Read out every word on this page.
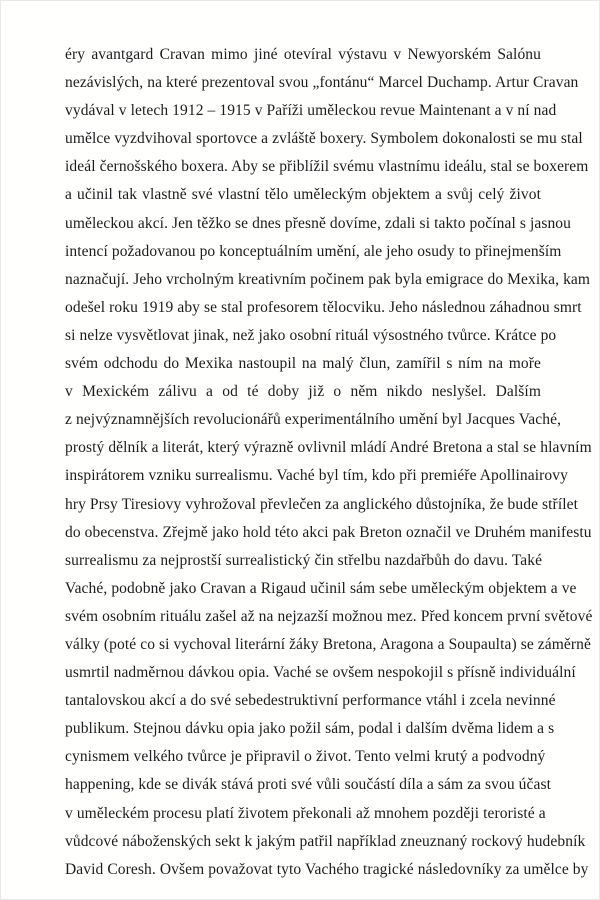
éry avantgard Cravan mimo jiné otevíral výstavu v Newyorském Salónu
nezávislých, na které prezentoval svou „fontánu“ Marcel Duchamp. Artur Cravan
vydával v letech 1912 – 1915 v Paříži uměleckou revue Maintenant a v ní nad
umělce vyzdvihoval sportovce a zvláště boxery. Symbolem dokonalosti se mu stal
ideál černošského boxera. Aby se přiblížil svému vlastnímu ideálu, stal se boxerem
a učinil tak vlastně své vlastní tělo uměleckým objektem a svůj celý život
uměleckou akcí. Jen těžko se dnes přesně dovíme, zdali si takto počínal s jasnou
intencí požadovanou po konceptuálním umění, ale jeho osudy to přinejmenším
naznačují. Jeho vrcholným kreativním počinem pak byla emigrace do Mexika, kam
odešel roku 1919 aby se stal profesorem tělocviku. Jeho následnou záhadnou smrt
si nelze vysvětlovat jinak, než jako osobní rituál výsostného tvůrce. Krátce po
svém odchodu do Mexika nastoupil na malý člun, zamířil s ním na moře
v Mexickém zálivu a od té doby již o něm nikdo neslyšel. Dalším
z nejvýznamnějších revolucionářů experimentálního umění byl Jacques Vaché,
prostý dělník a literát, který výrazně ovlivnil mládí André Bretona a stal se hlavním
inspirátorem vzniku surrealismu. Vaché byl tím, kdo při premiéře Apollinairovy
hry Prsy Tiresiovy vyhrožoval převlečen za anglického důstojníka, že bude střílet
do obecenstva. Zřejmě jako hold této akci pak Breton označil ve Druhém manifestu
surrealismu za nejprostší surrealistický čin střelbu nazdařbůh do davu. Také
Vaché, podobně jako Cravan a Rigaud učinil sám sebe uměleckým objektem a ve
svém osobním rituálu zašel až na nejzazší možnou mez. Před koncem první světové
války (poté co si vychoval literární žáky Bretona, Aragona a Soupaulta) se záměrně
usmrtil nadměrnou dávkou opia. Vaché se ovšem nespokojil s přísně individuální
tantalovskou akcí a do své sebedestruktivní performance vtáhl i zcela nevinné
publikum. Stejnou dávku opia jako požil sám, podal i dalším dvěma lidem a s
cynismem velkého tvůrce je připravil o život. Tento velmi krutý a podvodný
happening, kde se divák stává proti své vůli součástí díla a sám za svou účast
v uměleckém procesu platí životem překonali až mnohem později teroristé a
vůdcové náboženských sekt k jakým patřil například zneuznaný rockový hudebník
David Coresh. Ovšem považovat tyto Vachého tragické následovníky za umělce by
